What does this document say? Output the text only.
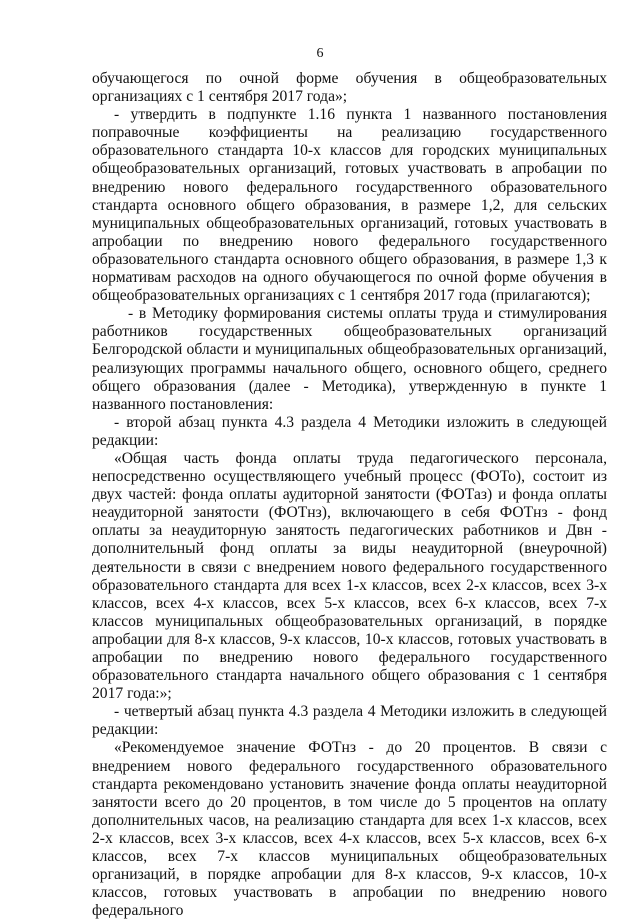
6

обучающегося по очной форме обучения в общеобразовательных организациях с 1 сентября 2017 года»;

- утвердить в подпункте 1.16 пункта 1 названного постановления поправочные коэффициенты на реализацию государственного образовательного стандарта 10-х классов для городских муниципальных общеобразовательных организаций, готовых участвовать в апробации по внедрению нового федерального государственного образовательного стандарта основного общего образования, в размере 1,2, для сельских муниципальных общеобразовательных организаций, готовых участвовать в апробации по внедрению нового федерального государственного образовательного стандарта основного общего образования, в размере 1,3 к нормативам расходов на одного обучающегося по очной форме обучения в общеобразовательных организациях с 1 сентября 2017 года (прилагаются);

- в Методику формирования системы оплаты труда и стимулирования работников государственных общеобразовательных организаций Белгородской области и муниципальных общеобразовательных организаций, реализующих программы начального общего, основного общего, среднего общего образования (далее - Методика), утвержденную в пункте 1 названного постановления:

- второй абзац пункта 4.3 раздела 4 Методики изложить в следующей редакции:

«Общая часть фонда оплаты труда педагогического персонала, непосредственно осуществляющего учебный процесс (ФОТо), состоит из двух частей: фонда оплаты аудиторной занятости (ФОТаз) и фонда оплаты неаудиторной занятости (ФОТнз), включающего в себя ФОТнз - фонд оплаты за неаудиторную занятость педагогических работников и Двн - дополнительный фонд оплаты за виды неаудиторной (внеурочной) деятельности в связи с внедрением нового федерального государственного образовательного стандарта для всех 1-х классов, всех 2-х классов, всех 3-х классов, всех 4-х классов, всех 5-х классов, всех 6-х классов, всех 7-х классов муниципальных общеобразовательных организаций, в порядке апробации для 8-х классов, 9-х классов, 10-х классов, готовых участвовать в апробации по внедрению нового федерального государственного образовательного стандарта начального общего образования с 1 сентября 2017 года:»;

- четвертый абзац пункта 4.3 раздела 4 Методики изложить в следующей редакции:

«Рекомендуемое значение ФОТнз - до 20 процентов. В связи с внедрением нового федерального государственного образовательного стандарта рекомендовано установить значение фонда оплаты неаудиторной занятости всего до 20 процентов, в том числе до 5 процентов на оплату дополнительных часов, на реализацию стандарта для всех 1-х классов, всех 2-х классов, всех 3-х классов, всех 4-х классов, всех 5-х классов, всех 6-х классов, всех 7-х классов муниципальных общеобразовательных организаций, в порядке апробации для 8-х классов, 9-х классов, 10-х классов, готовых участвовать в апробации по внедрению нового федерального
